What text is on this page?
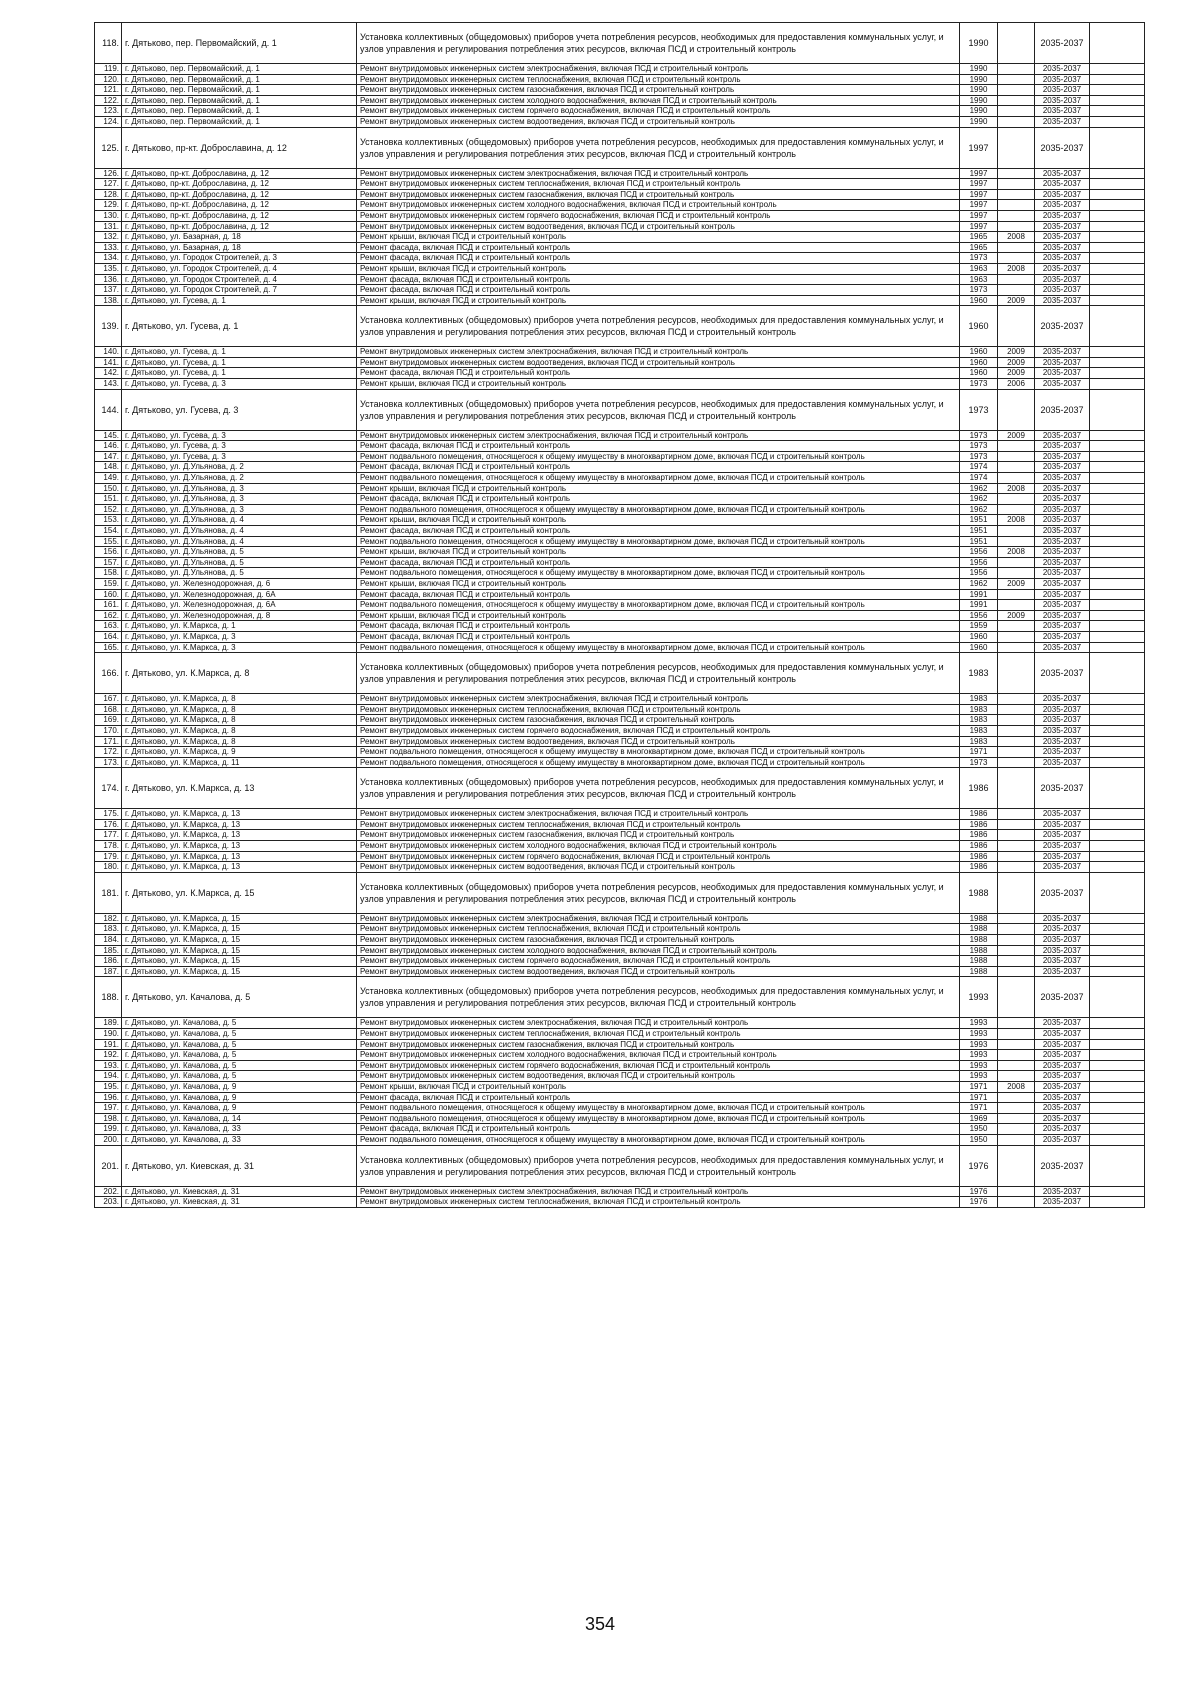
118.	г. Дятьково, пер. Первомайский, д. 1	Установка коллективных (общедомовых) приборов учета потребления ресурсов, необходимых для предоставления коммунальных услуг, и узлов управления и регулирования потребления этих ресурсов, включая ПСД и строительный контроль	1990		2035-2037	
119.	г. Дятьково, пер. Первомайский, д. 1	Ремонт внутридомовых инженерных систем электроснабжения, включая ПСД и строительный контроль	1990		2035-2037	
120.	г. Дятьково, пер. Первомайский, д. 1	Ремонт внутридомовых инженерных систем теплоснабжения, включая ПСД и строительный контроль	1990		2035-2037	
121.	г. Дятьково, пер. Первомайский, д. 1	Ремонт внутридомовых инженерных систем газоснабжения, включая ПСД и строительный контроль	1990		2035-2037	
122.	г. Дятьково, пер. Первомайский, д. 1	Ремонт внутридомовых инженерных систем холодного водоснабжения, включая ПСД и строительный контроль	1990		2035-2037	
123.	г. Дятьково, пер. Первомайский, д. 1	Ремонт внутридомовых инженерных систем горячего водоснабжения, включая ПСД и строительный контроль	1990		2035-2037	
124.	г. Дятьково, пер. Первомайский, д. 1	Ремонт внутридомовых инженерных систем водоотведения, включая ПСД и строительный контроль	1990		2035-2037	
125.	г. Дятьково, пр-кт. Доброславина, д. 12	Установка коллективных (общедомовых) приборов учета потребления ресурсов, необходимых для предоставления коммунальных услуг, и узлов управления и регулирования потребления этих ресурсов, включая ПСД и строительный контроль	1997		2035-2037	
126.	г. Дятьково, пр-кт. Доброславина, д. 12	Ремонт внутридомовых инженерных систем электроснабжения, включая ПСД и строительный контроль	1997		2035-2037	
127.	г. Дятьково, пр-кт. Доброславина, д. 12	Ремонт внутридомовых инженерных систем теплоснабжения, включая ПСД и строительный контроль	1997		2035-2037	
128.	г. Дятьково, пр-кт. Доброславина, д. 12	Ремонт внутридомовых инженерных систем газоснабжения, включая ПСД и строительный контроль	1997		2035-2037	
129.	г. Дятьково, пр-кт. Доброславина, д. 12	Ремонт внутридомовых инженерных систем холодного водоснабжения, включая ПСД и строительный контроль	1997		2035-2037	
130.	г. Дятьково, пр-кт. Доброславина, д. 12	Ремонт внутридомовых инженерных систем горячего водоснабжения, включая ПСД и строительный контроль	1997		2035-2037	
131.	г. Дятьково, пр-кт. Доброславина, д. 12	Ремонт внутридомовых инженерных систем водоотведения, включая ПСД и строительный контроль	1997		2035-2037	
132.	г. Дятьково, ул. Базарная, д. 18	Ремонт крыши, включая ПСД и строительный контроль	1965	2008	2035-2037	
133.	г. Дятьково, ул. Базарная, д. 18	Ремонт фасада, включая ПСД и строительный контроль	1965		2035-2037	
134.	г. Дятьково, ул. Городок Строителей, д. 3	Ремонт фасада, включая ПСД и строительный контроль	1973		2035-2037	
135.	г. Дятьково, ул. Городок Строителей, д. 4	Ремонт крыши, включая ПСД и строительный контроль	1963	2008	2035-2037	
136.	г. Дятьково, ул. Городок Строителей, д. 4	Ремонт фасада, включая ПСД и строительный контроль	1963		2035-2037	
137.	г. Дятьково, ул. Городок Строителей, д. 7	Ремонт фасада, включая ПСД и строительный контроль	1973		2035-2037	
138.	г. Дятьково, ул. Гусева, д. 1	Ремонт крыши, включая ПСД и строительный контроль	1960	2009	2035-2037	
139.	г. Дятьково, ул. Гусева, д. 1	Установка коллективных (общедомовых) приборов учета потребления ресурсов, необходимых для предоставления коммунальных услуг, и узлов управления и регулирования потребления этих ресурсов, включая ПСД и строительный контроль	1960		2035-2037	
140.	г. Дятьково, ул. Гусева, д. 1	Ремонт внутридомовых инженерных систем электроснабжения, включая ПСД и строительный контроль	1960	2009	2035-2037	
141.	г. Дятьково, ул. Гусева, д. 1	Ремонт внутридомовых инженерных систем водоотведения, включая ПСД и строительный контроль	1960	2009	2035-2037	
142.	г. Дятьково, ул. Гусева, д. 1	Ремонт фасада, включая ПСД и строительный контроль	1960	2009	2035-2037	
143.	г. Дятьково, ул. Гусева, д. 3	Ремонт крыши, включая ПСД и строительный контроль	1973	2006	2035-2037	
144.	г. Дятьково, ул. Гусева, д. 3	Установка коллективных (общедомовых) приборов учета потребления ресурсов, необходимых для предоставления коммунальных услуг, и узлов управления и регулирования потребления этих ресурсов, включая ПСД и строительный контроль	1973		2035-2037	
145.	г. Дятьково, ул. Гусева, д. 3	Ремонт внутридомовых инженерных систем электроснабжения, включая ПСД и строительный контроль	1973	2009	2035-2037	
146.	г. Дятьково, ул. Гусева, д. 3	Ремонт фасада, включая ПСД и строительный контроль	1973		2035-2037	
147.	г. Дятьково, ул. Гусева, д. 3	Ремонт подвального помещения, относящегося к общему имуществу в многоквартирном доме, включая ПСД и строительный контроль	1973		2035-2037	
148.	г. Дятьково, ул. Д.Ульянова, д. 2	Ремонт фасада, включая ПСД и строительный контроль	1974		2035-2037	
149.	г. Дятьково, ул. Д.Ульянова, д. 2	Ремонт подвального помещения, относящегося к общему имуществу в многоквартирном доме, включая ПСД и строительный контроль	1974		2035-2037	
150.	г. Дятьково, ул. Д.Ульянова, д. 3	Ремонт крыши, включая ПСД и строительный контроль	1962	2008	2035-2037	
151.	г. Дятьково, ул. Д.Ульянова, д. 3	Ремонт фасада, включая ПСД и строительный контроль	1962		2035-2037	
152.	г. Дятьково, ул. Д.Ульянова, д. 3	Ремонт подвального помещения, относящегося к общему имуществу в многоквартирном доме, включая ПСД и строительный контроль	1962		2035-2037	
153.	г. Дятьково, ул. Д.Ульянова, д. 4	Ремонт крыши, включая ПСД и строительный контроль	1951	2008	2035-2037	
154.	г. Дятьково, ул. Д.Ульянова, д. 4	Ремонт фасада, включая ПСД и строительный контроль	1951		2035-2037	
155.	г. Дятьково, ул. Д.Ульянова, д. 4	Ремонт подвального помещения, относящегося к общему имуществу в многоквартирном доме, включая ПСД и строительный контроль	1951		2035-2037	
156.	г. Дятьково, ул. Д.Ульянова, д. 5	Ремонт крыши, включая ПСД и строительный контроль	1956	2008	2035-2037	
157.	г. Дятьково, ул. Д.Ульянова, д. 5	Ремонт фасада, включая ПСД и строительный контроль	1956		2035-2037	
158.	г. Дятьково, ул. Д.Ульянова, д. 5	Ремонт подвального помещения, относящегося к общему имуществу в многоквартирном доме, включая ПСД и строительный контроль	1956		2035-2037	
159.	г. Дятьково, ул. Железнодорожная, д. 6	Ремонт крыши, включая ПСД и строительный контроль	1962	2009	2035-2037	
160.	г. Дятьково, ул. Железнодорожная, д. 6А	Ремонт фасада, включая ПСД и строительный контроль	1991		2035-2037	
161.	г. Дятьково, ул. Железнодорожная, д. 6А	Ремонт подвального помещения, относящегося к общему имуществу в многоквартирном доме, включая ПСД и строительный контроль	1991		2035-2037	
162.	г. Дятьково, ул. Железнодорожная, д. 8	Ремонт крыши, включая ПСД и строительный контроль	1956	2009	2035-2037	
163.	г. Дятьково, ул. К.Маркса, д. 1	Ремонт фасада, включая ПСД и строительный контроль	1959		2035-2037	
164.	г. Дятьково, ул. К.Маркса, д. 3	Ремонт фасада, включая ПСД и строительный контроль	1960		2035-2037	
165.	г. Дятьково, ул. К.Маркса, д. 3	Ремонт подвального помещения, относящегося к общему имуществу в многоквартирном доме, включая ПСД и строительный контроль	1960		2035-2037	
166.	г. Дятьково, ул. К.Маркса, д. 8	Установка коллективных (общедомовых) приборов учета потребления ресурсов, необходимых для предоставления коммунальных услуг, и узлов управления и регулирования потребления этих ресурсов, включая ПСД и строительный контроль	1983		2035-2037	
167.	г. Дятьково, ул. К.Маркса, д. 8	Ремонт внутридомовых инженерных систем электроснабжения, включая ПСД и строительный контроль	1983		2035-2037	
168.	г. Дятьково, ул. К.Маркса, д. 8	Ремонт внутридомовых инженерных систем теплоснабжения, включая ПСД и строительный контроль	1983		2035-2037	
169.	г. Дятьково, ул. К.Маркса, д. 8	Ремонт внутридомовых инженерных систем газоснабжения, включая ПСД и строительный контроль	1983		2035-2037	
170.	г. Дятьково, ул. К.Маркса, д. 8	Ремонт внутридомовых инженерных систем горячего водоснабжения, включая ПСД и строительный контроль	1983		2035-2037	
171.	г. Дятьково, ул. К.Маркса, д. 8	Ремонт внутридомовых инженерных систем водоотведения, включая ПСД и строительный контроль	1983		2035-2037	
172.	г. Дятьково, ул. К.Маркса, д. 9	Ремонт подвального помещения, относящегося к общему имуществу в многоквартирном доме, включая ПСД и строительный контроль	1971		2035-2037	
173.	г. Дятьково, ул. К.Маркса, д. 11	Ремонт подвального помещения, относящегося к общему имуществу в многоквартирном доме, включая ПСД и строительный контроль	1973		2035-2037	
174.	г. Дятьково, ул. К.Маркса, д. 13	Установка коллективных (общедомовых) приборов учета потребления ресурсов, необходимых для предоставления коммунальных услуг, и узлов управления и регулирования потребления этих ресурсов, включая ПСД и строительный контроль	1986		2035-2037	
175.	г. Дятьково, ул. К.Маркса, д. 13	Ремонт внутридомовых инженерных систем электроснабжения, включая ПСД и строительный контроль	1986		2035-2037	
176.	г. Дятьково, ул. К.Маркса, д. 13	Ремонт внутридомовых инженерных систем теплоснабжения, включая ПСД и строительный контроль	1986		2035-2037	
177.	г. Дятьково, ул. К.Маркса, д. 13	Ремонт внутридомовых инженерных систем газоснабжения, включая ПСД и строительный контроль	1986		2035-2037	
178.	г. Дятьково, ул. К.Маркса, д. 13	Ремонт внутридомовых инженерных систем холодного водоснабжения, включая ПСД и строительный контроль	1986		2035-2037	
179.	г. Дятьково, ул. К.Маркса, д. 13	Ремонт внутридомовых инженерных систем горячего водоснабжения, включая ПСД и строительный контроль	1986		2035-2037	
180.	г. Дятьково, ул. К.Маркса, д. 13	Ремонт внутридомовых инженерных систем водоотведения, включая ПСД и строительный контроль	1986		2035-2037	
181.	г. Дятьково, ул. К.Маркса, д. 15	Установка коллективных (общедомовых) приборов учета потребления ресурсов, необходимых для предоставления коммунальных услуг, и узлов управления и регулирования потребления этих ресурсов, включая ПСД и строительный контроль	1988		2035-2037	
182.	г. Дятьково, ул. К.Маркса, д. 15	Ремонт внутридомовых инженерных систем электроснабжения, включая ПСД и строительный контроль	1988		2035-2037	
183.	г. Дятьково, ул. К.Маркса, д. 15	Ремонт внутридомовых инженерных систем теплоснабжения, включая ПСД и строительный контроль	1988		2035-2037	
184.	г. Дятьково, ул. К.Маркса, д. 15	Ремонт внутридомовых инженерных систем газоснабжения, включая ПСД и строительный контроль	1988		2035-2037	
185.	г. Дятьково, ул. К.Маркса, д. 15	Ремонт внутридомовых инженерных систем холодного водоснабжения, включая ПСД и строительный контроль	1988		2035-2037	
186.	г. Дятьково, ул. К.Маркса, д. 15	Ремонт внутридомовых инженерных систем горячего водоснабжения, включая ПСД и строительный контроль	1988		2035-2037	
187.	г. Дятьково, ул. К.Маркса, д. 15	Ремонт внутридомовых инженерных систем водоотведения, включая ПСД и строительный контроль	1988		2035-2037	
188.	г. Дятьково, ул. Качалова, д. 5	Установка коллективных (общедомовых) приборов учета потребления ресурсов, необходимых для предоставления коммунальных услуг, и узлов управления и регулирования потребления этих ресурсов, включая ПСД и строительный контроль	1993		2035-2037	
189.	г. Дятьково, ул. Качалова, д. 5	Ремонт внутридомовых инженерных систем электроснабжения, включая ПСД и строительный контроль	1993		2035-2037	
190.	г. Дятьково, ул. Качалова, д. 5	Ремонт внутридомовых инженерных систем теплоснабжения, включая ПСД и строительный контроль	1993		2035-2037	
191.	г. Дятьково, ул. Качалова, д. 5	Ремонт внутридомовых инженерных систем газоснабжения, включая ПСД и строительный контроль	1993		2035-2037	
192.	г. Дятьково, ул. Качалова, д. 5	Ремонт внутридомовых инженерных систем холодного водоснабжения, включая ПСД и строительный контроль	1993		2035-2037	
193.	г. Дятьково, ул. Качалова, д. 5	Ремонт внутридомовых инженерных систем горячего водоснабжения, включая ПСД и строительный контроль	1993		2035-2037	
194.	г. Дятьково, ул. Качалова, д. 5	Ремонт внутридомовых инженерных систем водоотведения, включая ПСД и строительный контроль	1993		2035-2037	
195.	г. Дятьково, ул. Качалова, д. 9	Ремонт крыши, включая ПСД и строительный контроль	1971	2008	2035-2037	
196.	г. Дятьково, ул. Качалова, д. 9	Ремонт фасада, включая ПСД и строительный контроль	1971		2035-2037	
197.	г. Дятьково, ул. Качалова, д. 9	Ремонт подвального помещения, относящегося к общему имуществу в многоквартирном доме, включая ПСД и строительный контроль	1971		2035-2037	
198.	г. Дятьково, ул. Качалова, д. 14	Ремонт подвального помещения, относящегося к общему имуществу в многоквартирном доме, включая ПСД и строительный контроль	1969		2035-2037	
199.	г. Дятьково, ул. Качалова, д. 33	Ремонт фасада, включая ПСД и строительный контроль	1950		2035-2037	
200.	г. Дятьково, ул. Качалова, д. 33	Ремонт подвального помещения, относящегося к общему имуществу в многоквартирном доме, включая ПСД и строительный контроль	1950		2035-2037	
201.	г. Дятьково, ул. Киевская, д. 31	Установка коллективных (общедомовых) приборов учета потребления ресурсов, необходимых для предоставления коммунальных услуг, и узлов управления и регулирования потребления этих ресурсов, включая ПСД и строительный контроль	1976		2035-2037	
202.	г. Дятьково, ул. Киевская, д. 31	Ремонт внутридомовых инженерных систем электроснабжения, включая ПСД и строительный контроль	1976		2035-2037	
203.	г. Дятьково, ул. Киевская, д. 31	Ремонт внутридомовых инженерных систем теплоснабжения, включая ПСД и строительный контроль	1976		2035-2037	
354
